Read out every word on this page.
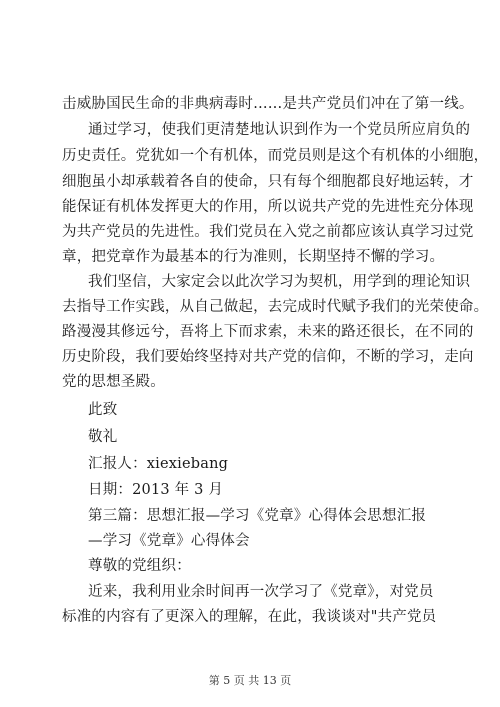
击威胁国民生命的非典病毒时……是共产党员们冲在了第一线。
通过学习，使我们更清楚地认识到作为一个党员所应肩负的
历史责任。党犹如一个有机体，而党员则是这个有机体的小细胞，
细胞虽小却承载着各自的使命，只有每个细胞都良好地运转，才
能保证有机体发挥更大的作用，所以说共产党的先进性充分体现
为共产党员的先进性。我们党员在入党之前都应该认真学习过党
章，把党章作为最基本的行为准则，长期坚持不懈的学习。
我们坚信，大家定会以此次学习为契机，用学到的理论知识
去指导工作实践，从自己做起，去完成时代赋予我们的光荣使命。
路漫漫其修远兮，吾将上下而求索，未来的路还很长，在不同的
历史阶段，我们要始终坚持对共产党的信仰，不断的学习，走向
党的思想圣殿。
此致
敬礼
汇报人：xiexiebang
日期：2013 年 3 月
第三篇：思想汇报—学习《党章》心得体会思想汇报
—学习《党章》心得体会
尊敬的党组织：
近来，我利用业余时间再一次学习了《党章》，对党员
标准的内容有了更深入的理解，在此，我谈谈对"共产党员
第 5 页 共 13 页
